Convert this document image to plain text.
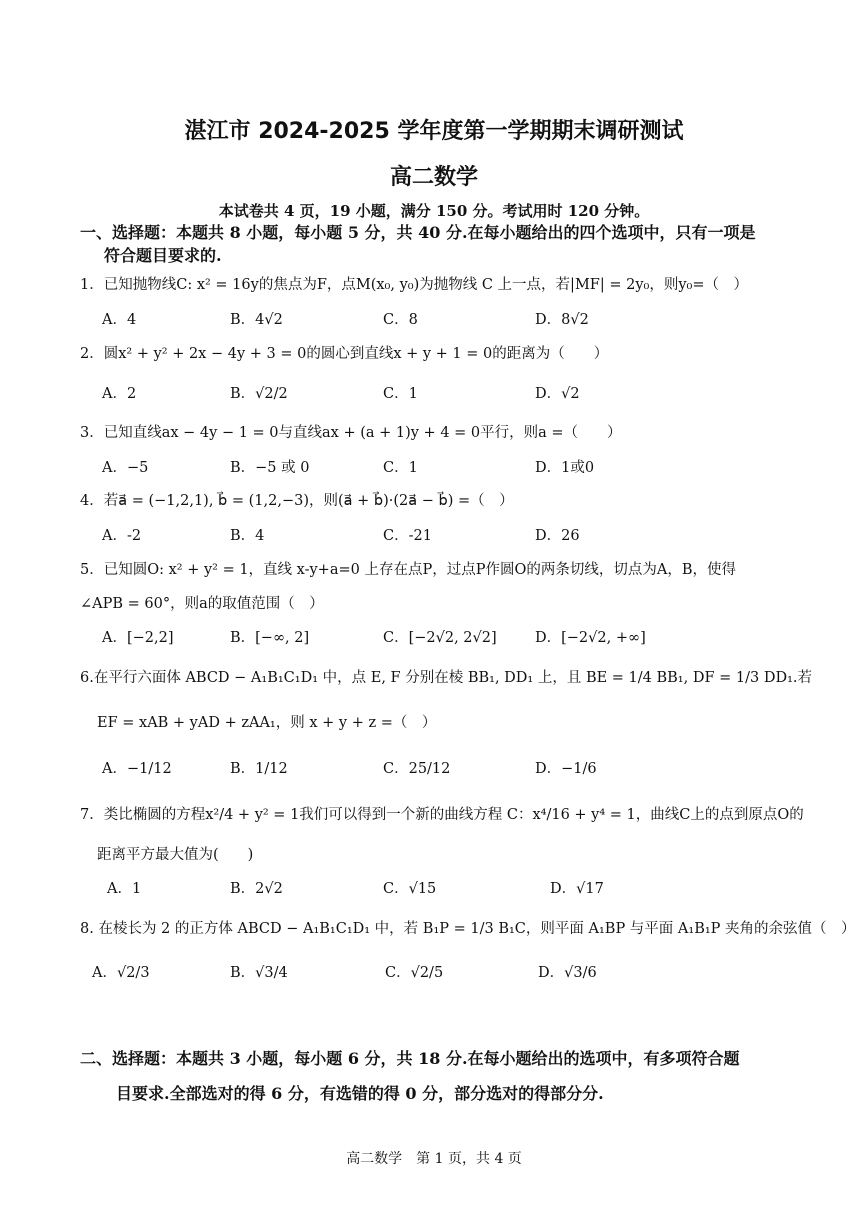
湛江市 2024-2025 学年度第一学期期末调研测试
高二数学
本试卷共 4 页，19 小题，满分 150 分。考试用时 120 分钟。
一、选择题：本题共 8 小题，每小题 5 分，共 40 分.在每小题给出的四个选项中，只有一项是
符合题目要求的.
1．已知抛物线C: x² = 16y的焦点为F，点M(x₀, y₀)为抛物线 C 上一点，若|MF| = 2y₀，则y₀=（　）
A．4	B．4√2	C．8	D．8√2
2．圆x² + y² + 2x − 4y + 3 = 0的圆心到直线x + y + 1 = 0的距离为（　　）
A．2	B．√2/2	C．1	D．√2
3．已知直线ax − 4y − 1 = 0与直线ax + (a + 1)y + 4 = 0平行，则a =（　　）
A．−5	B．−5 或 0	C．1	D．1或0
4．若a⃗ = (−1,2,1), b⃗ = (1,2,−3)，则(a⃗ + b⃗)·(2a⃗ − b⃗) =（　）
A．-2	B．4	C．-21	D．26
5．已知圆O: x² + y² = 1，直线 x-y+a=0 上存在点P，过点P作圆O的两条切线，切点为A，B，使得
∠APB = 60°，则a的取值范围（　）
A．[−2,2]	B．[−∞, 2]	C．[−2√2, 2√2]	D．[−2√2, +∞]
6.在平行六面体 ABCD − A₁B₁C₁D₁ 中，点 E, F 分别在棱 BB₁, DD₁ 上，且 BE = 1/4 BB₁, DF = 1/3 DD₁.若
EF = xAB + yAD + zAA₁，则 x + y + z =（　）
A．−1/12	B．1/12	C．25/12	D．−1/6
7．类比椭圆的方程x²/4 + y² = 1我们可以得到一个新的曲线方程 C：x⁴/16 + y⁴ = 1，曲线C上的点到原点O的
距离平方最大值为(　　)
A．1	B．2√2	C．√15	D．√17
8. 在棱长为 2 的正方体 ABCD − A₁B₁C₁D₁ 中，若 B₁P = 1/3 B₁C，则平面 A₁BP 与平面 A₁B₁P 夹角的余弦值（　）
A．√2/3	B．√3/4	C．√2/5	D．√3/6
二、选择题：本题共 3 小题，每小题 6 分，共 18 分.在每小题给出的选项中，有多项符合题
目要求.全部选对的得 6 分，有选错的得 0 分，部分选对的得部分分.
高二数学　第 1 页，共 4 页
